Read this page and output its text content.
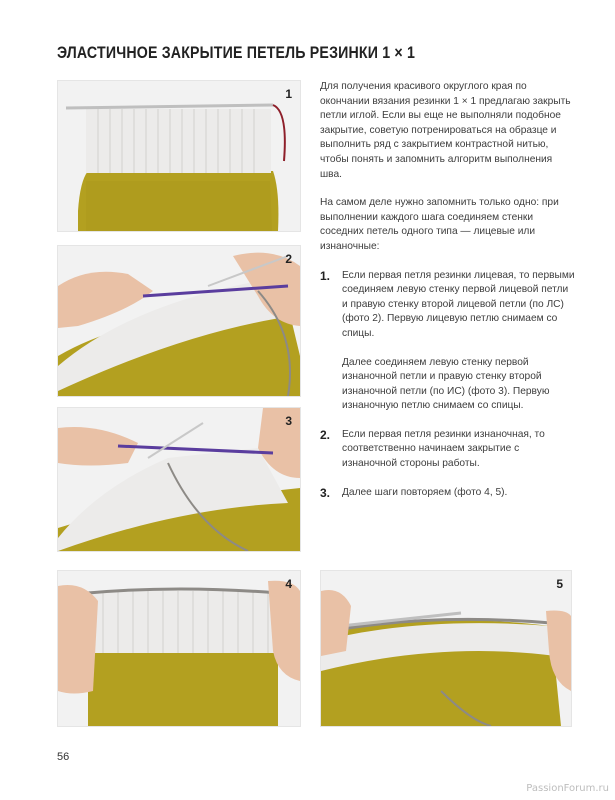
ЭЛАСТИЧНОЕ ЗАКРЫТИЕ ПЕТЕЛЬ РЕЗИНКИ 1 × 1
1
2
3
4	5

Для получения красивого округлого края по окончании вязания резинки 1 × 1 предлагаю закрыть петли иглой. Если вы еще не выполняли подобное закрытие, советую потренироваться на образце и выполнить ряд с закрытием контрастной нитью, чтобы понять и запомнить алгоритм выполнения шва.

На самом деле нужно запомнить только одно: при выполнении каждого шага соединяем стенки соседних петель одного типа — лицевые или изнаночные:

1. Если первая петля резинки лицевая, то первыми соединяем левую стенку первой лицевой петли и правую стенку второй лицевой петли (по ЛС) (фото 2). Первую лицевую петлю снимаем со спицы.

Далее соединяем левую стенку первой изнаночной петли и правую стенку второй изнаночной петли (по ИС) (фото 3). Первую изнаночную петлю снимаем со спицы.

2. Если первая петля резинки изнаночная, то соответственно начинаем закрытие с изнаночной стороны работы.

3. Далее шаги повторяем (фото 4, 5).

56
PassionForum.ru
